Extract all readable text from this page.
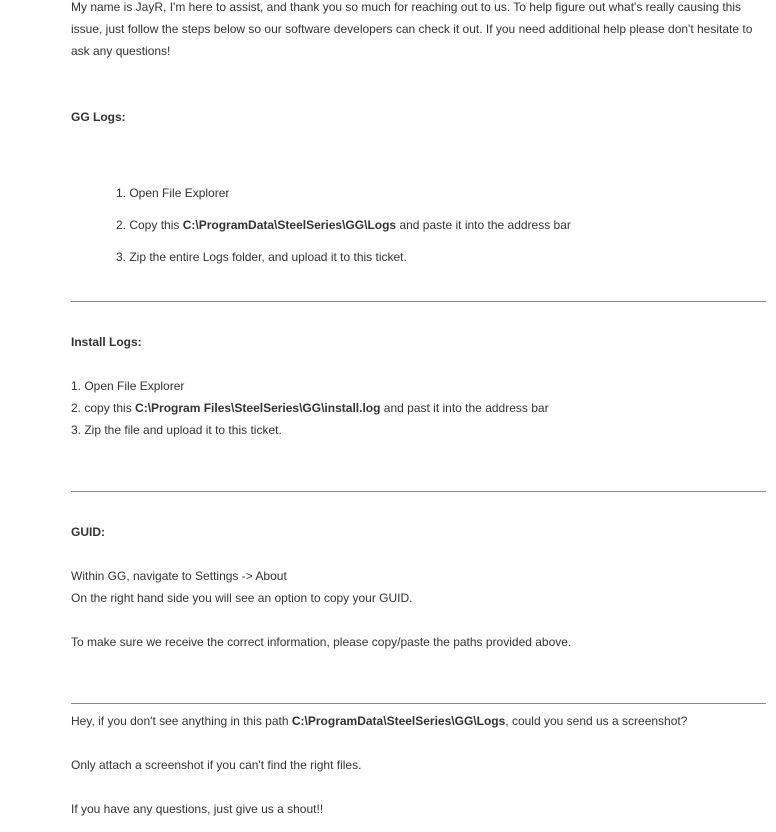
My name is JayR, I'm here to assist, and thank you so much for reaching out to us. To help figure out what's really causing this issue, just follow the steps below so our software developers can check it out. If you need additional help please don't hesitate to ask any questions!

GG Logs:

1. Open File Explorer
2. Copy this C:\ProgramData\SteelSeries\GG\Logs and paste it into the address bar
3. Zip the entire Logs folder, and upload it to this ticket.

Install Logs:

1. Open File Explorer

2. copy this C:\Program Files\SteelSeries\GG\install.log and past it into the address bar

3. Zip the file and upload it to this ticket.

GUID:

Within GG, navigate to Settings -> About

On the right hand side you will see an option to copy your GUID.

To make sure we receive the correct information, please copy/paste the paths provided above.

Hey, if you don't see anything in this path C:\ProgramData\SteelSeries\GG\Logs, could you send us a screenshot?

Only attach a screenshot if you can't find the right files.

If you have any questions, just give us a shout!!
